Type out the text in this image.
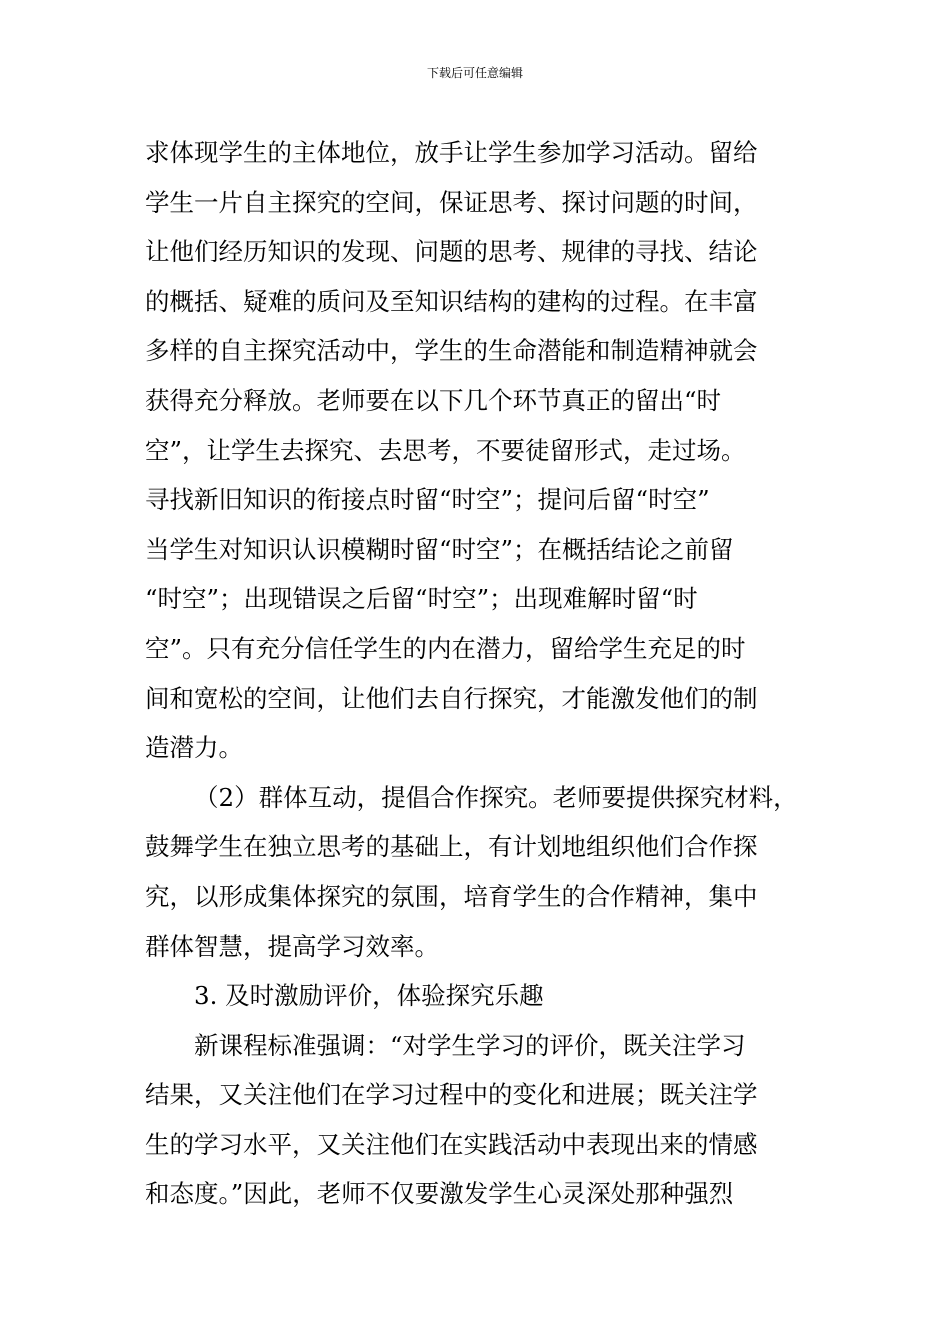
下载后可任意编辑
求体现学生的主体地位，放手让学生参加学习活动。留给
学生一片自主探究的空间，保证思考、探讨问题的时间，
让他们经历知识的发现、问题的思考、规律的寻找、结论
的概括、疑难的质问及至知识结构的建构的过程。在丰富
多样的自主探究活动中，学生的生命潜能和制造精神就会
获得充分释放。老师要在以下几个环节真正的留出“时
空”，让学生去探究、去思考，不要徒留形式，走过场。
寻找新旧知识的衔接点时留“时空”；提问后留“时空”
当学生对知识认识模糊时留“时空”；在概括结论之前留
“时空”；出现错误之后留“时空”；出现难解时留“时
空”。只有充分信任学生的内在潜力，留给学生充足的时
间和宽松的空间，让他们去自行探究，才能激发他们的制
造潜力。
（2）群体互动，提倡合作探究。老师要提供探究材料，
鼓舞学生在独立思考的基础上，有计划地组织他们合作探
究，以形成集体探究的氛围，培育学生的合作精神，集中
群体智慧，提高学习效率。
3. 及时激励评价，体验探究乐趣
新课程标准强调：“对学生学习的评价，既关注学习
结果，又关注他们在学习过程中的变化和进展；既关注学
生的学习水平，又关注他们在实践活动中表现出来的情感
和态度。”因此，老师不仅要激发学生心灵深处那种强烈
